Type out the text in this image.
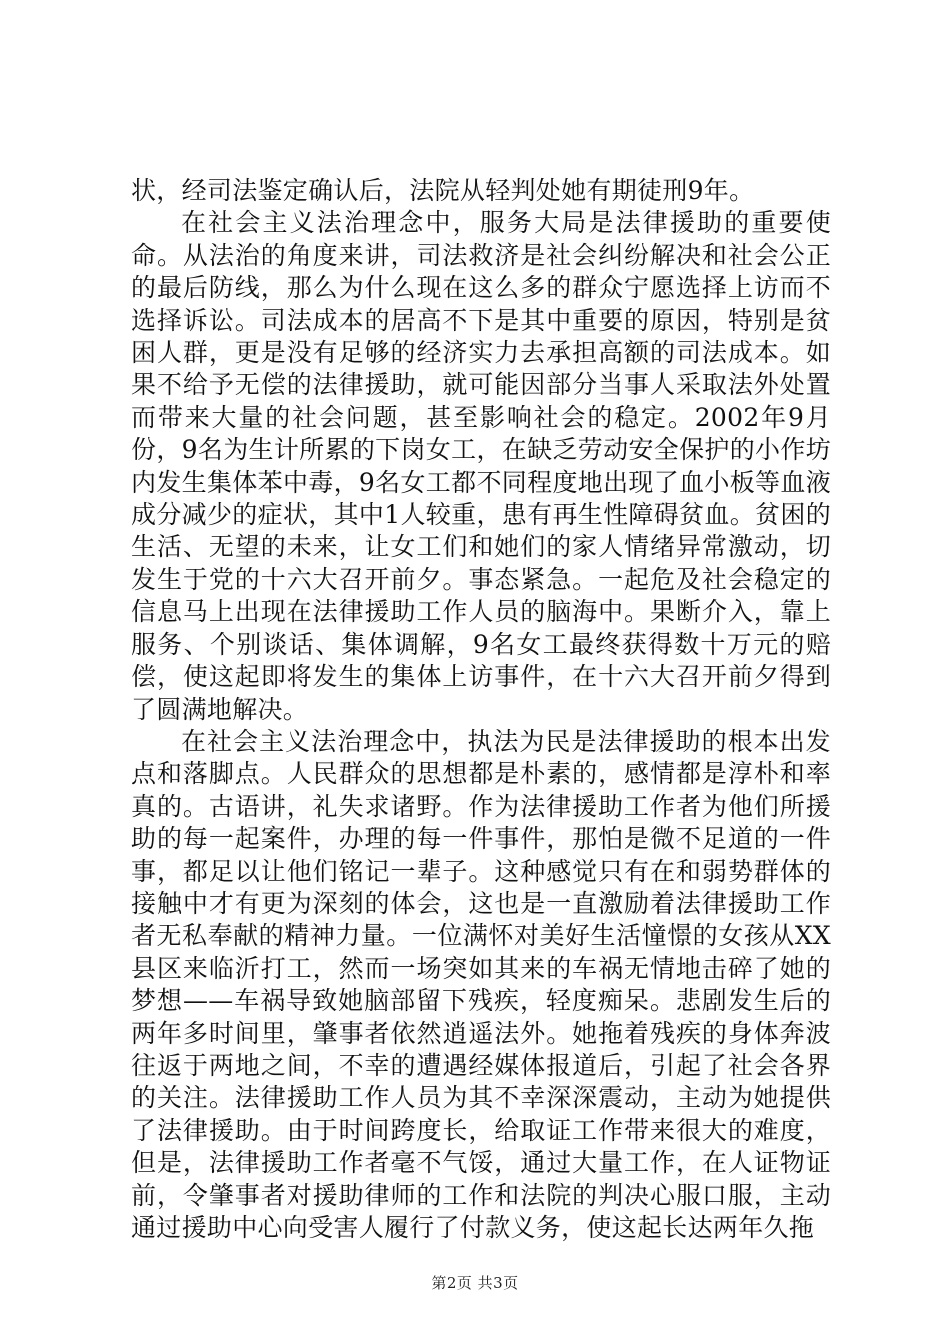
状，经司法鉴定确认后，法院从轻判处她有期徒刑9年。

在社会主义法治理念中，服务大局是法律援助的重要使命。从法治的角度来讲，司法救济是社会纠纷解决和社会公正的最后防线，那么为什么现在这么多的群众宁愿选择上访而不选择诉讼。司法成本的居高不下是其中重要的原因，特别是贫困人群，更是没有足够的经济实力去承担高额的司法成本。如果不给予无偿的法律援助，就可能因部分当事人采取法外处置而带来大量的社会问题，甚至影响社会的稳定。2002年9月份，9名为生计所累的下岗女工，在缺乏劳动安全保护的小作坊内发生集体苯中毒，9名女工都不同程度地出现了血小板等血液成分减少的症状，其中1人较重，患有再生性障碍贫血。贫困的生活、无望的未来，让女工们和她们的家人情绪异常激动，切发生于党的十六大召开前夕。事态紧急。一起危及社会稳定的信息马上出现在法律援助工作人员的脑海中。果断介入，靠上服务、个别谈话、集体调解，9名女工最终获得数十万元的赔偿，使这起即将发生的集体上访事件，在十六大召开前夕得到了圆满地解决。

在社会主义法治理念中，执法为民是法律援助的根本出发点和落脚点。人民群众的思想都是朴素的，感情都是淳朴和率真的。古语讲，礼失求诸野。作为法律援助工作者为他们所援助的每一起案件，办理的每一件事件，那怕是微不足道的一件事，都足以让他们铭记一辈子。这种感觉只有在和弱势群体的接触中才有更为深刻的体会，这也是一直激励着法律援助工作者无私奉献的精神力量。一位满怀对美好生活憧憬的女孩从XX县区来临沂打工，然而一场突如其来的车祸无情地击碎了她的梦想——车祸导致她脑部留下残疾，轻度痴呆。悲剧发生后的两年多时间里，肇事者依然逍遥法外。她拖着残疾的身体奔波往返于两地之间，不幸的遭遇经媒体报道后，引起了社会各界的关注。法律援助工作人员为其不幸深深震动，主动为她提供了法律援助。由于时间跨度长，给取证工作带来很大的难度，但是，法律援助工作者毫不气馁，通过大量工作，在人证物证前，令肇事者对援助律师的工作和法院的判决心服口服，主动通过援助中心向受害人履行了付款义务，使这起长达两年久拖

第2页 共3页
